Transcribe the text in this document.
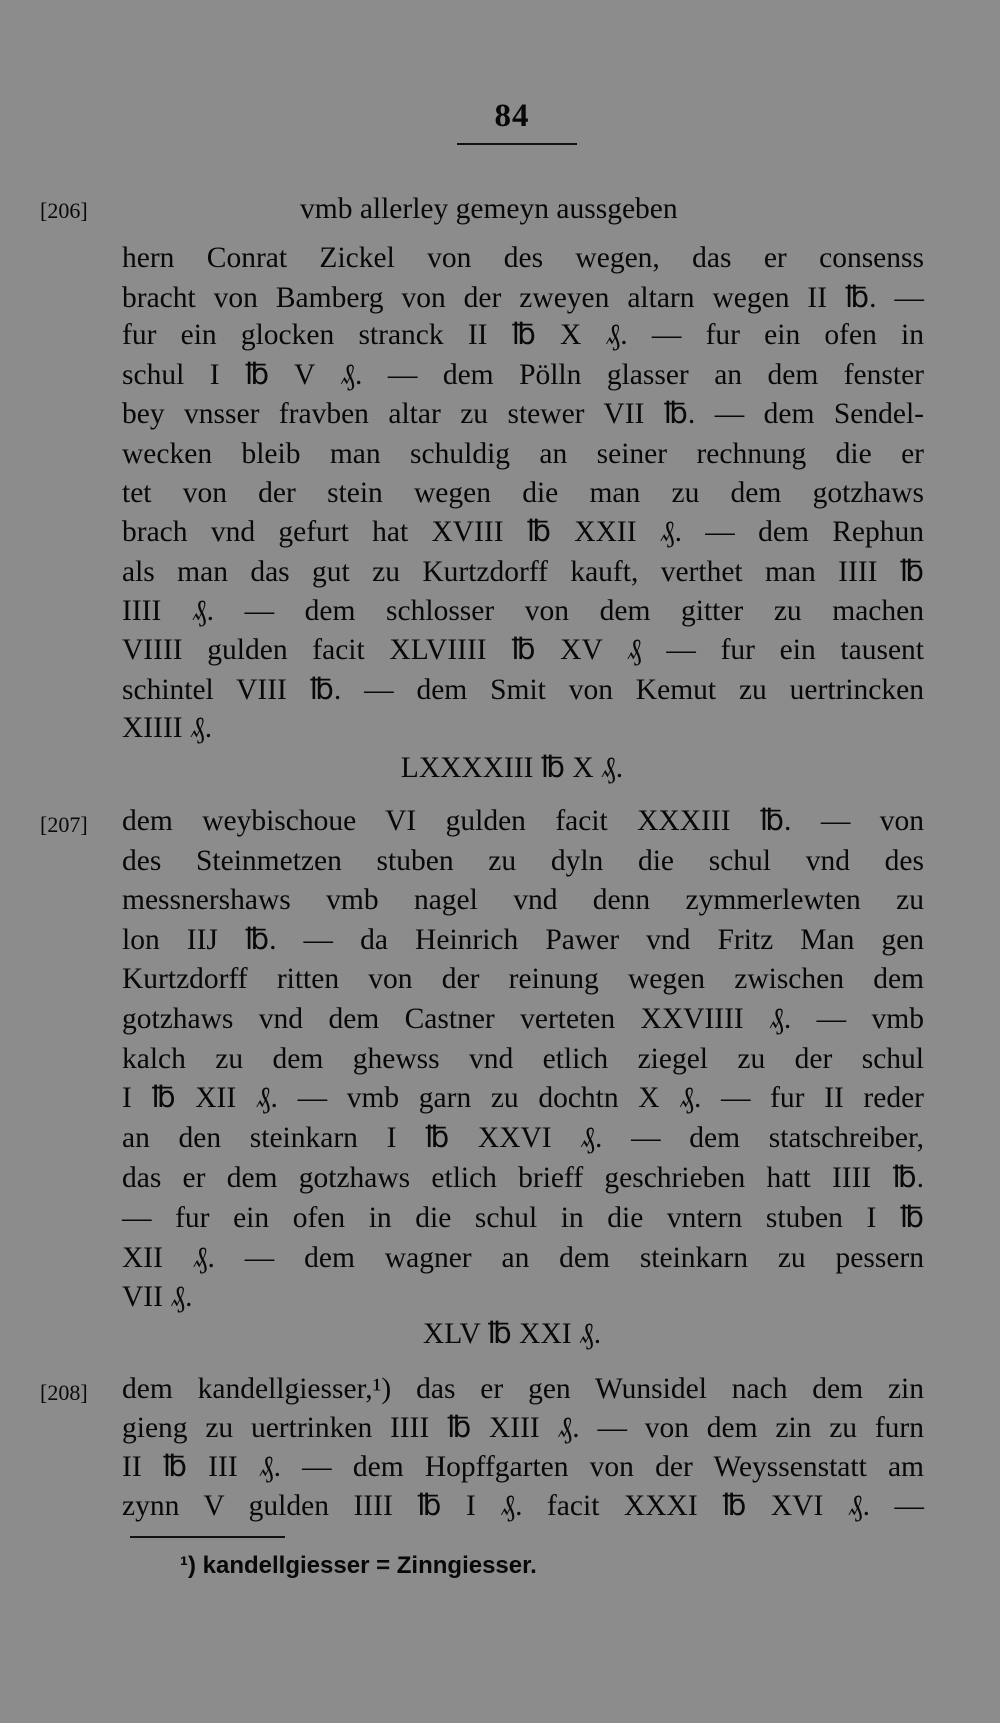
84
[206]	vmb allerley gemeyn aussgeben
hern Conrat Zickel von des wegen, das er consenss
bracht von Bamberg von der zweyen altarn wegen II ℔. —
fur ein glocken stranck II ℔ X ₰. — fur ein ofen in
schul I ℔ V ₰. — dem Pölln glasser an dem fenster
bey vnsser fravben altar zu stewer VII ℔. — dem Sendel-
wecken bleib man schuldig an seiner rechnung die er
tet von der stein wegen die man zu dem gotzhaws
brach vnd gefurt hat XVIII ℔ XXII ₰. — dem Rephun
als man das gut zu Kurtzdorff kauft, verthet man IIII ℔
IIII ₰. — dem schlosser von dem gitter zu machen
VIIII gulden facit XLVIIII ℔ XV ₰ — fur ein tausent
schintel VIII ℔. — dem Smit von Kemut zu uertrincken
XIIII ₰.
LXXXXIII ℔ X ₰.
[207] dem weybischoue VI gulden facit XXXIII ℔. — von
des Steinmetzen stuben zu dyln die schul vnd des
messnershaws vmb nagel vnd denn zymmerlewten zu
lon IIJ ℔. — da Heinrich Pawer vnd Fritz Man gen
Kurtzdorff ritten von der reinung wegen zwischen dem
gotzhaws vnd dem Castner verteten XXVIIII ₰. — vmb
kalch zu dem ghewss vnd etlich ziegel zu der schul
I ℔ XII ₰. — vmb garn zu dochtn X ₰. — fur II reder
an den steinkarn I ℔ XXVI ₰. — dem statschreiber,
das er dem gotzhaws etlich brieff geschrieben hatt IIII ℔.
— fur ein ofen in die schul in die vntern stuben I ℔
XII ₰. — dem wagner an dem steinkarn zu pessern
VII ₰.
XLV ℔ XXI ₰.
[208] dem kandellgiesser,¹) das er gen Wunsidel nach dem zin
gieng zu uertrinken IIII ℔ XIII ₰. — von dem zin zu furn
II ℔ III ₰. — dem Hopffgarten von der Weyssenstatt am
zynn V gulden IIII ℔ I ₰. facit XXXI ℔ XVI ₰. —
¹) kandellgiesser = Zinngiesser.
